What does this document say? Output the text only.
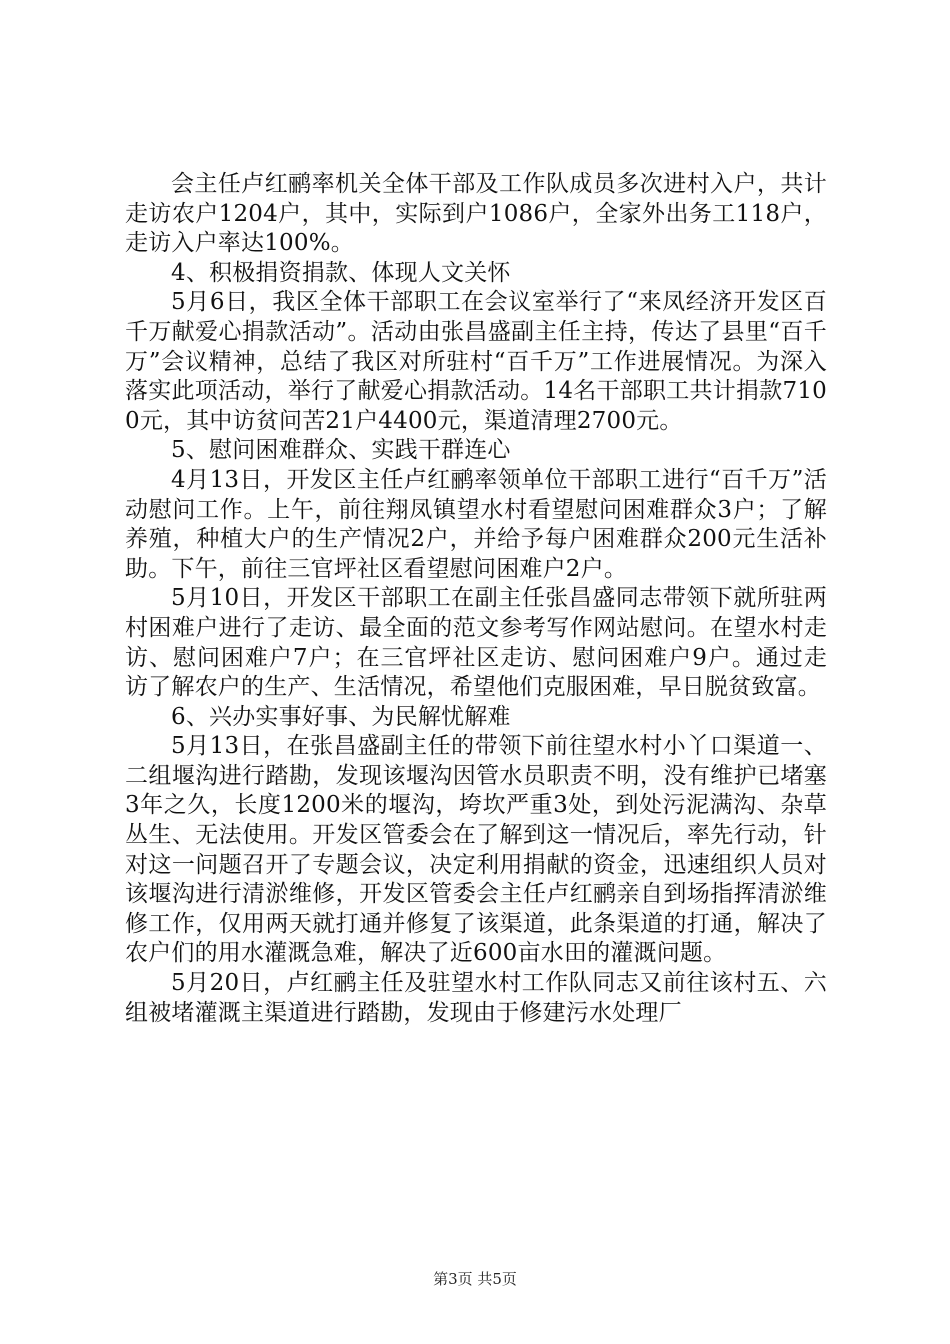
会主任卢红鹂率机关全体干部及工作队成员多次进村入户，共计走访农户1204户，其中，实际到户1086户，全家外出务工118户，走访入户率达100%。

4、积极捐资捐款、体现人文关怀

5月6日，我区全体干部职工在会议室举行了“来凤经济开发区百千万献爱心捐款活动”。活动由张昌盛副主任主持，传达了县里“百千万”会议精神，总结了我区对所驻村“百千万”工作进展情况。为深入落实此项活动，举行了献爱心捐款活动。14名干部职工共计捐款7100元，其中访贫问苦21户4400元，渠道清理2700元。

5、慰问困难群众、实践干群连心

4月13日，开发区主任卢红鹂率领单位干部职工进行“百千万”活动慰问工作。上午，前往翔凤镇望水村看望慰问困难群众3户；了解养殖，种植大户的生产情况2户，并给予每户困难群众200元生活补助。下午，前往三官坪社区看望慰问困难户2户。

5月10日，开发区干部职工在副主任张昌盛同志带领下就所驻两村困难户进行了走访、最全面的范文参考写作网站慰问。在望水村走访、慰问困难户7户；在三官坪社区走访、慰问困难户9户。通过走访了解农户的生产、生活情况，希望他们克服困难，早日脱贫致富。

6、兴办实事好事、为民解忧解难

5月13日，在张昌盛副主任的带领下前往望水村小丫口渠道一、二组堰沟进行踏勘，发现该堰沟因管水员职责不明，没有维护已堵塞3年之久，长度1200米的堰沟，垮坎严重3处，到处污泥满沟、杂草丛生、无法使用。开发区管委会在了解到这一情况后，率先行动，针对这一问题召开了专题会议，决定利用捐献的资金，迅速组织人员对该堰沟进行清淤维修，开发区管委会主任卢红鹂亲自到场指挥清淤维修工作，仅用两天就打通并修复了该渠道，此条渠道的打通，解决了农户们的用水灌溉急难，解决了近600亩水田的灌溉问题。

5月20日，卢红鹂主任及驻望水村工作队同志又前往该村五、六组被堵灌溉主渠道进行踏勘，发现由于修建污水处理厂

第3页 共5页
